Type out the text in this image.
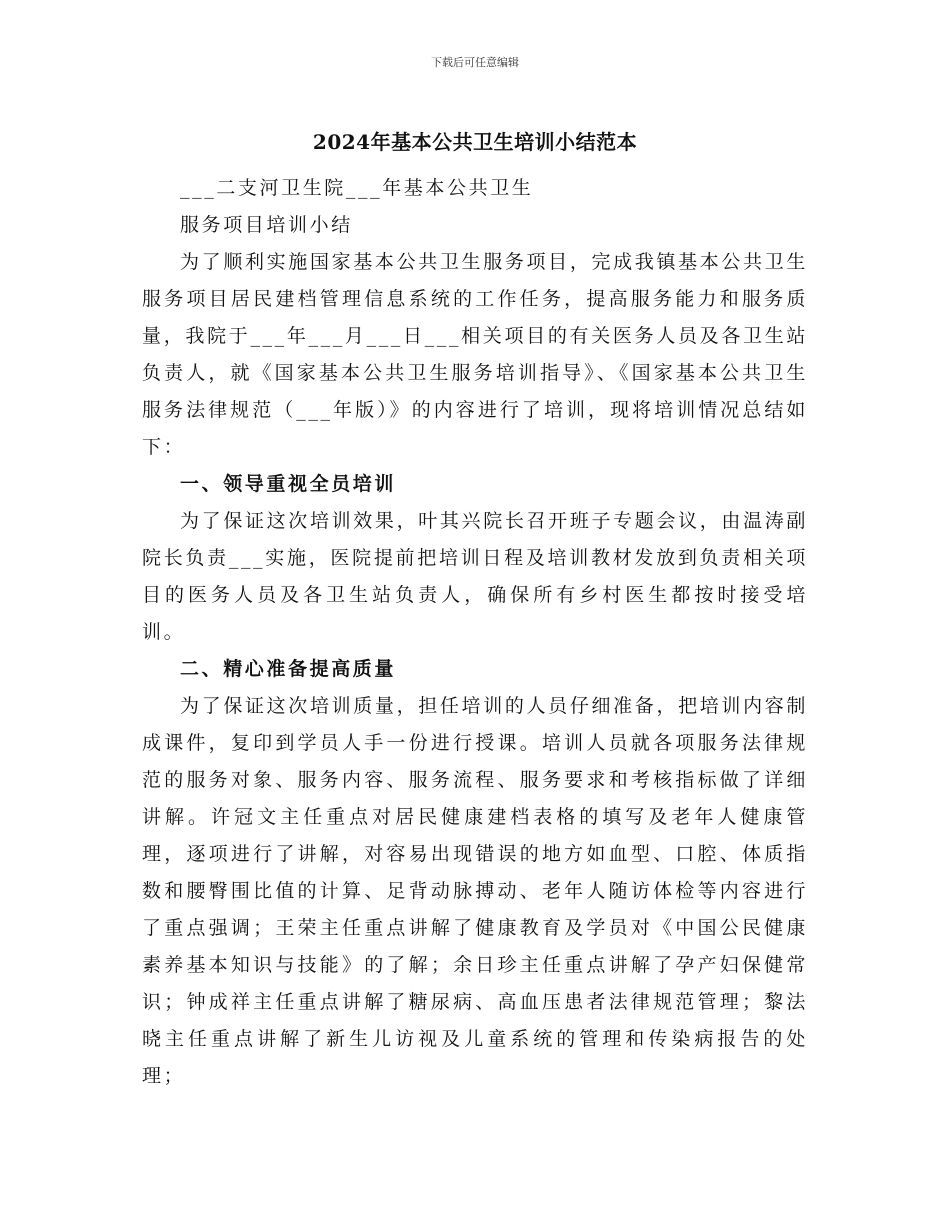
下载后可任意编辑
2024年基本公共卫生培训小结范本

___二支河卫生院___年基本公共卫生

服务项目培训小结

为了顺利实施国家基本公共卫生服务项目，完成我镇基本公共卫生服务项目居民建档管理信息系统的工作任务，提高服务能力和服务质量，我院于___年___月___日___相关项目的有关医务人员及各卫生站负责人，就《国家基本公共卫生服务培训指导》、《国家基本公共卫生服务法律规范（___年版）》的内容进行了培训，现将培训情况总结如下：

一、领导重视全员培训

为了保证这次培训效果，叶其兴院长召开班子专题会议，由温涛副院长负责___实施，医院提前把培训日程及培训教材发放到负责相关项目的医务人员及各卫生站负责人，确保所有乡村医生都按时接受培训。

二、精心准备提高质量

为了保证这次培训质量，担任培训的人员仔细准备，把培训内容制成课件，复印到学员人手一份进行授课。培训人员就各项服务法律规范的服务对象、服务内容、服务流程、服务要求和考核指标做了详细讲解。许冠文主任重点对居民健康建档表格的填写及老年人健康管理，逐项进行了讲解，对容易出现错误的地方如血型、口腔、体质指数和腰臀围比值的计算、足背动脉搏动、老年人随访体检等内容进行了重点强调；王荣主任重点讲解了健康教育及学员对《中国公民健康素养基本知识与技能》的了解；余日珍主任重点讲解了孕产妇保健常识；钟成祥主任重点讲解了糖尿病、高血压患者法律规范管理；黎法晓主任重点讲解了新生儿访视及儿童系统的管理和传染病报告的处理；
